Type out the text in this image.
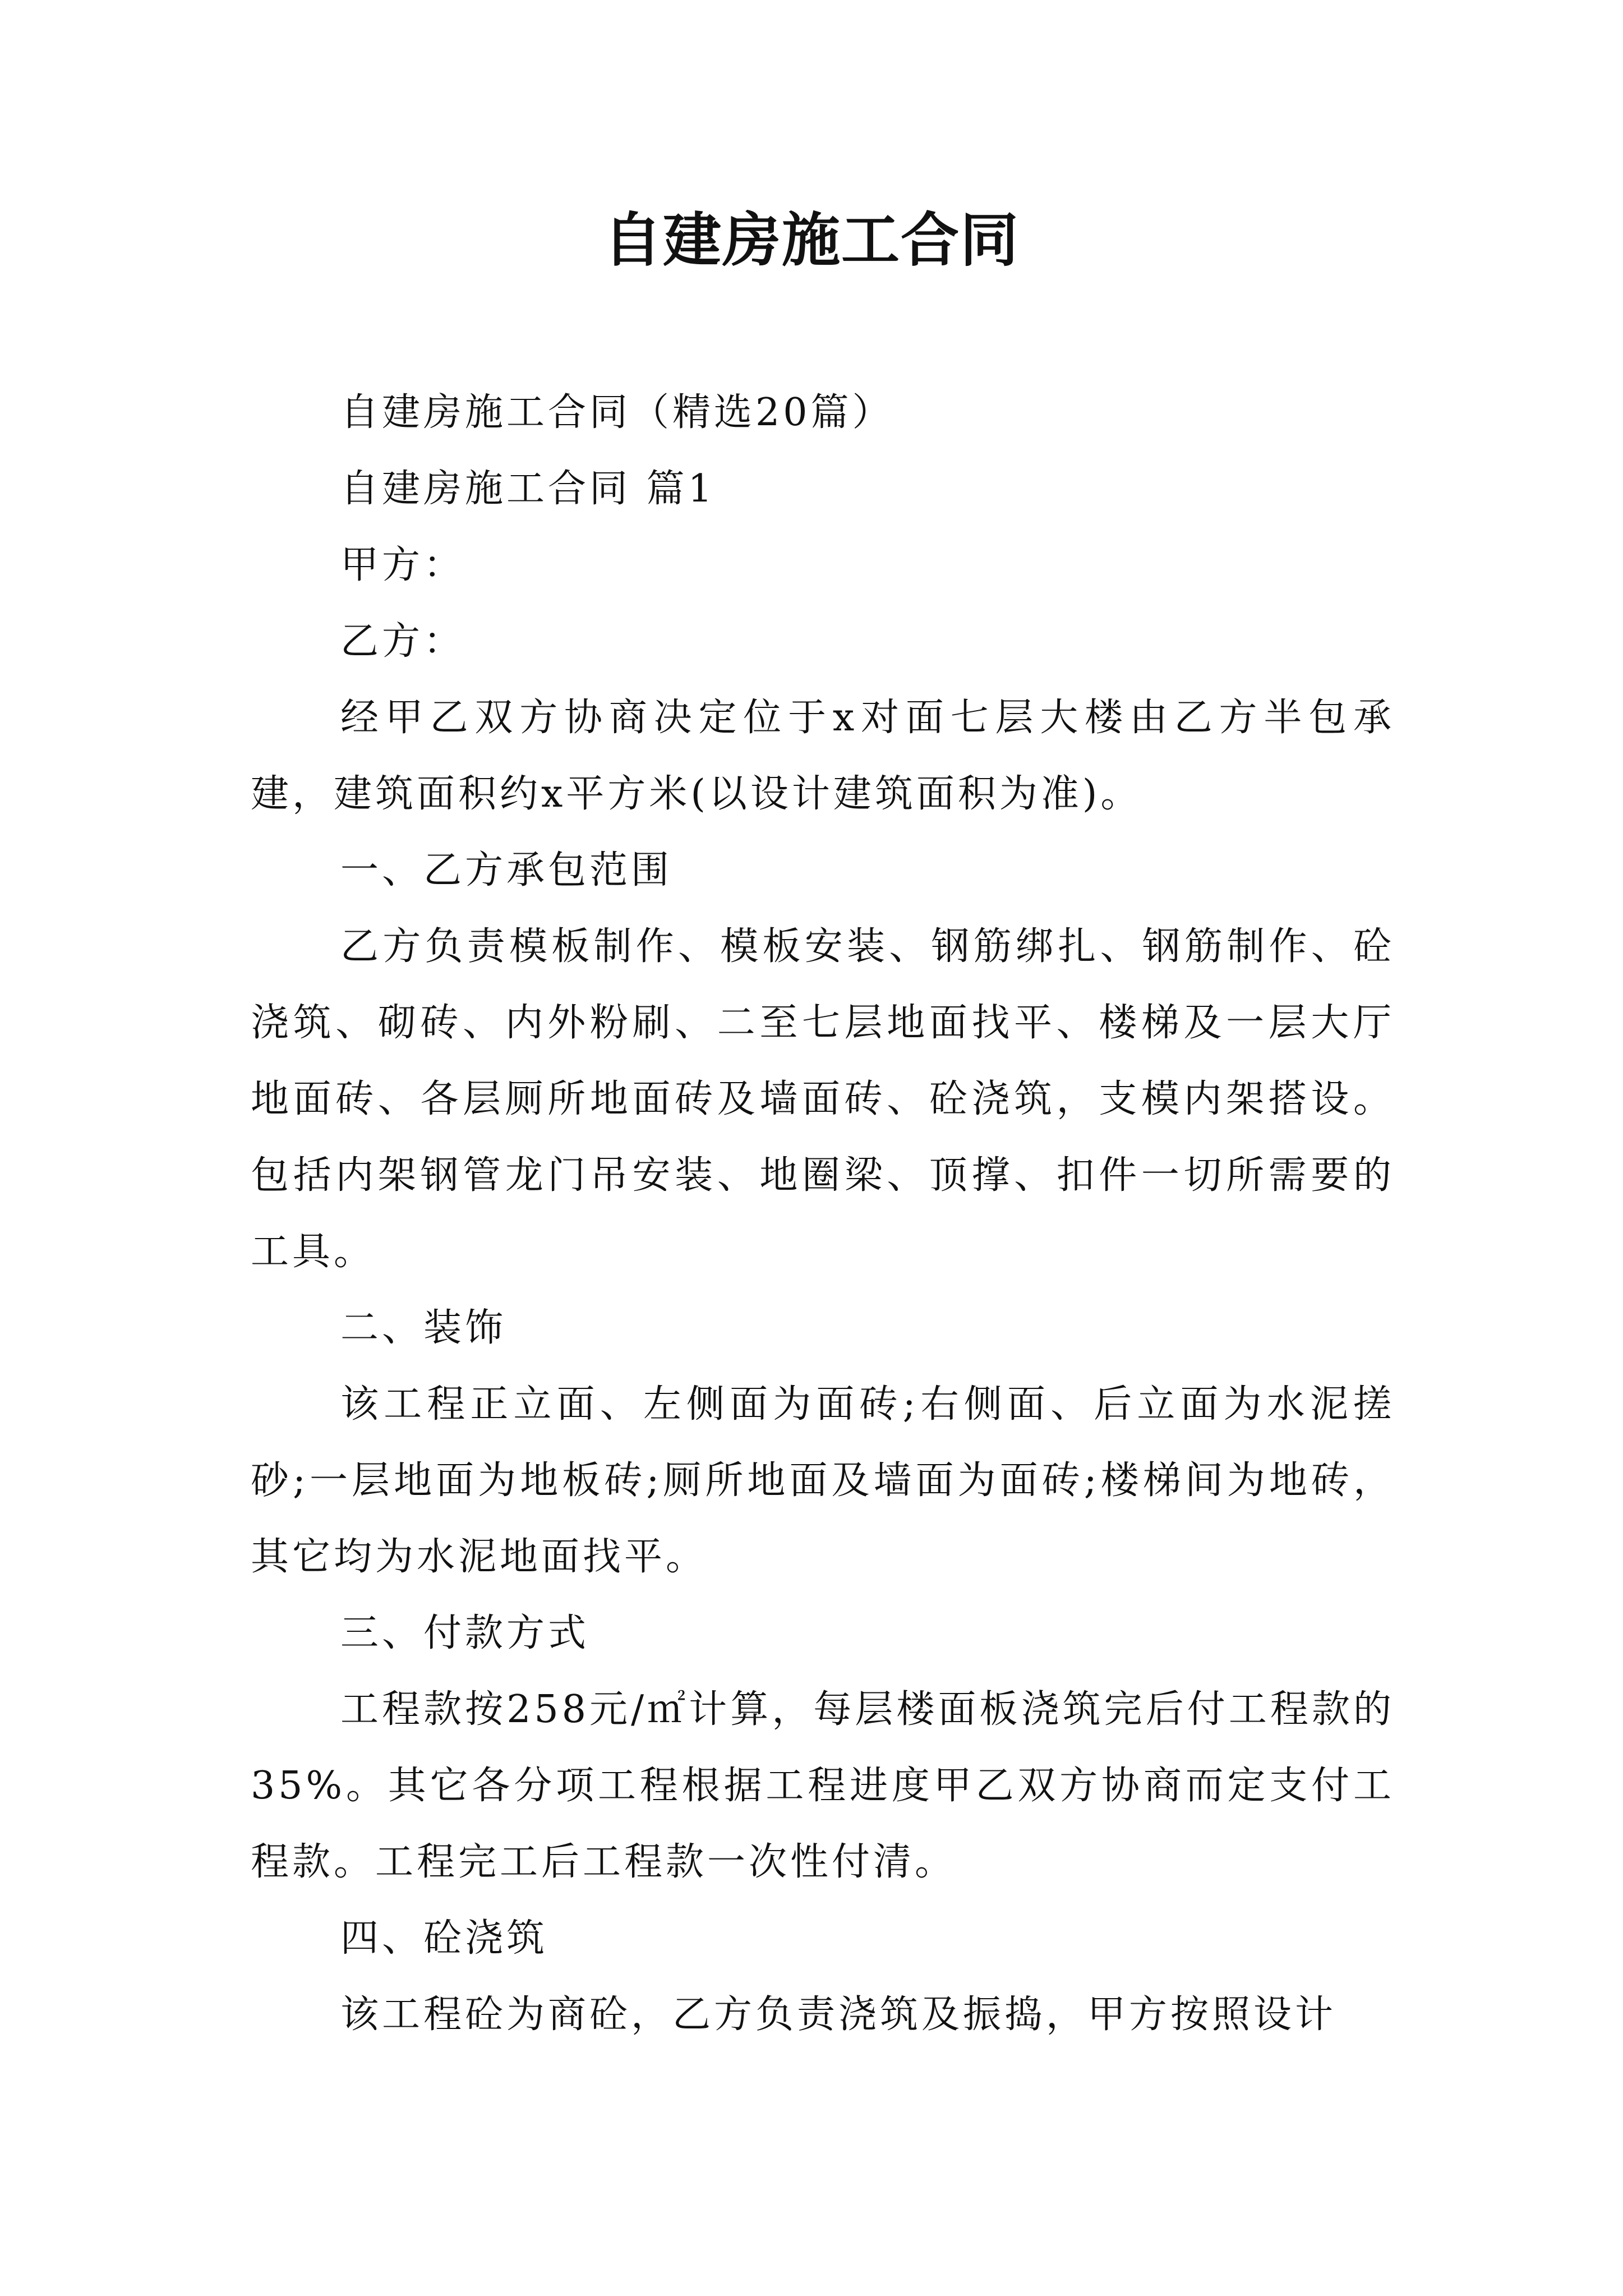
自建房施工合同

自建房施工合同（精选20篇）

自建房施工合同 篇1

甲方：

乙方：

经甲乙双方协商决定位于x对面七层大楼由乙方半包承建，建筑面积约x平方米(以设计建筑面积为准)。

一、乙方承包范围

乙方负责模板制作、模板安装、钢筋绑扎、钢筋制作、砼浇筑、砌砖、内外粉刷、二至七层地面找平、楼梯及一层大厅地面砖、各层厕所地面砖及墙面砖、砼浇筑，支模内架搭设。包括内架钢管龙门吊安装、地圈梁、顶撑、扣件一切所需要的工具。

二、装饰

该工程正立面、左侧面为面砖;右侧面、后立面为水泥搓砂;一层地面为地板砖;厕所地面及墙面为面砖;楼梯间为地砖，其它均为水泥地面找平。

三、付款方式

工程款按258元/㎡计算，每层楼面板浇筑完后付工程款的35%。其它各分项工程根据工程进度甲乙双方协商而定支付工程款。工程完工后工程款一次性付清。

四、砼浇筑

该工程砼为商砼，乙方负责浇筑及振捣，甲方按照设计
